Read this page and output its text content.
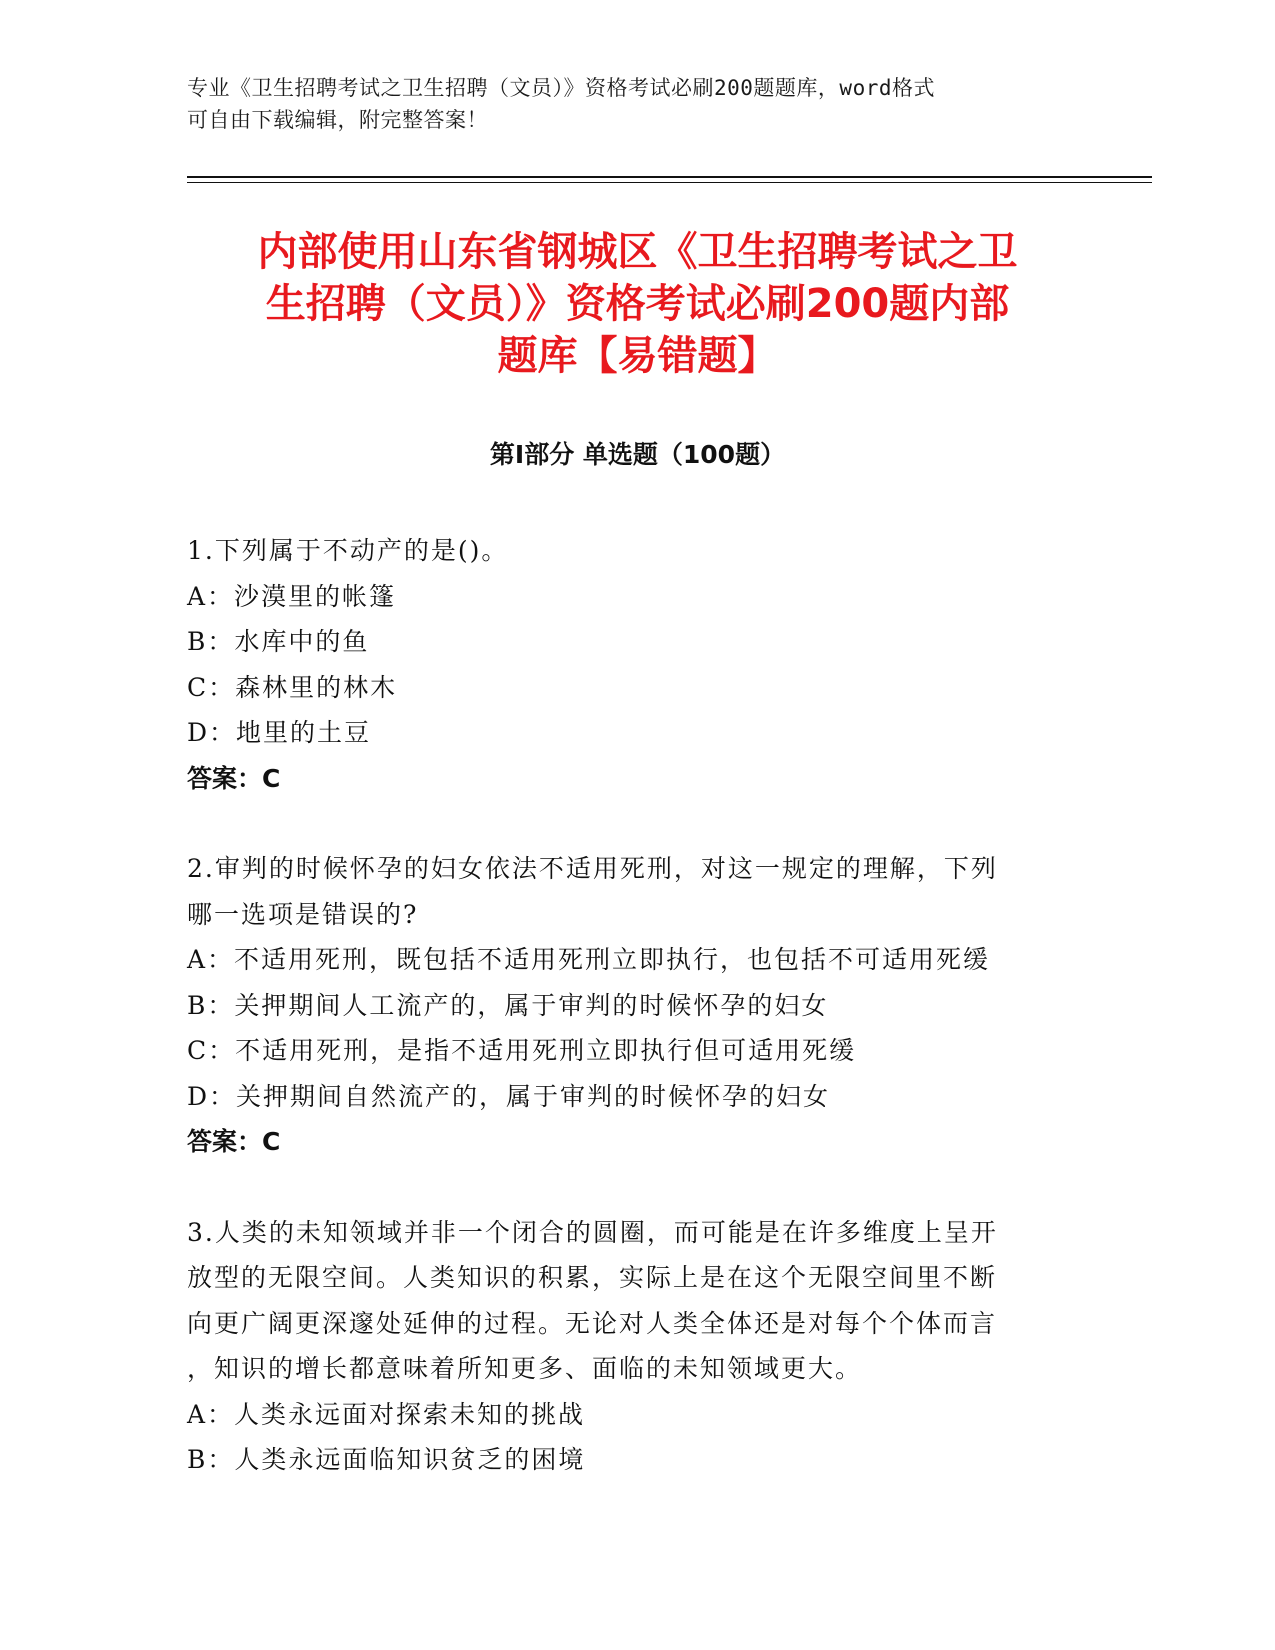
专业《卫生招聘考试之卫生招聘（文员）》资格考试必刷200题题库，word格式
可自由下载编辑，附完整答案！
内部使用山东省钢城区《卫生招聘考试之卫
生招聘（文员）》资格考试必刷200题内部
题库【易错题】
第Ⅰ部分 单选题（100题）
1.下列属于不动产的是()。
A：沙漠里的帐篷
B：水库中的鱼
C：森林里的林木
D：地里的土豆
答案：C
2.审判的时候怀孕的妇女依法不适用死刑，对这一规定的理解，下列
哪一选项是错误的?
A：不适用死刑，既包括不适用死刑立即执行，也包括不可适用死缓
B：关押期间人工流产的，属于审判的时候怀孕的妇女
C：不适用死刑，是指不适用死刑立即执行但可适用死缓
D：关押期间自然流产的，属于审判的时候怀孕的妇女
答案：C
3.人类的未知领域并非一个闭合的圆圈，而可能是在许多维度上呈开
放型的无限空间。人类知识的积累，实际上是在这个无限空间里不断
向更广阔更深邃处延伸的过程。无论对人类全体还是对每个个体而言
，知识的增长都意味着所知更多、面临的未知领域更大。
A：人类永远面对探索未知的挑战
B：人类永远面临知识贫乏的困境
